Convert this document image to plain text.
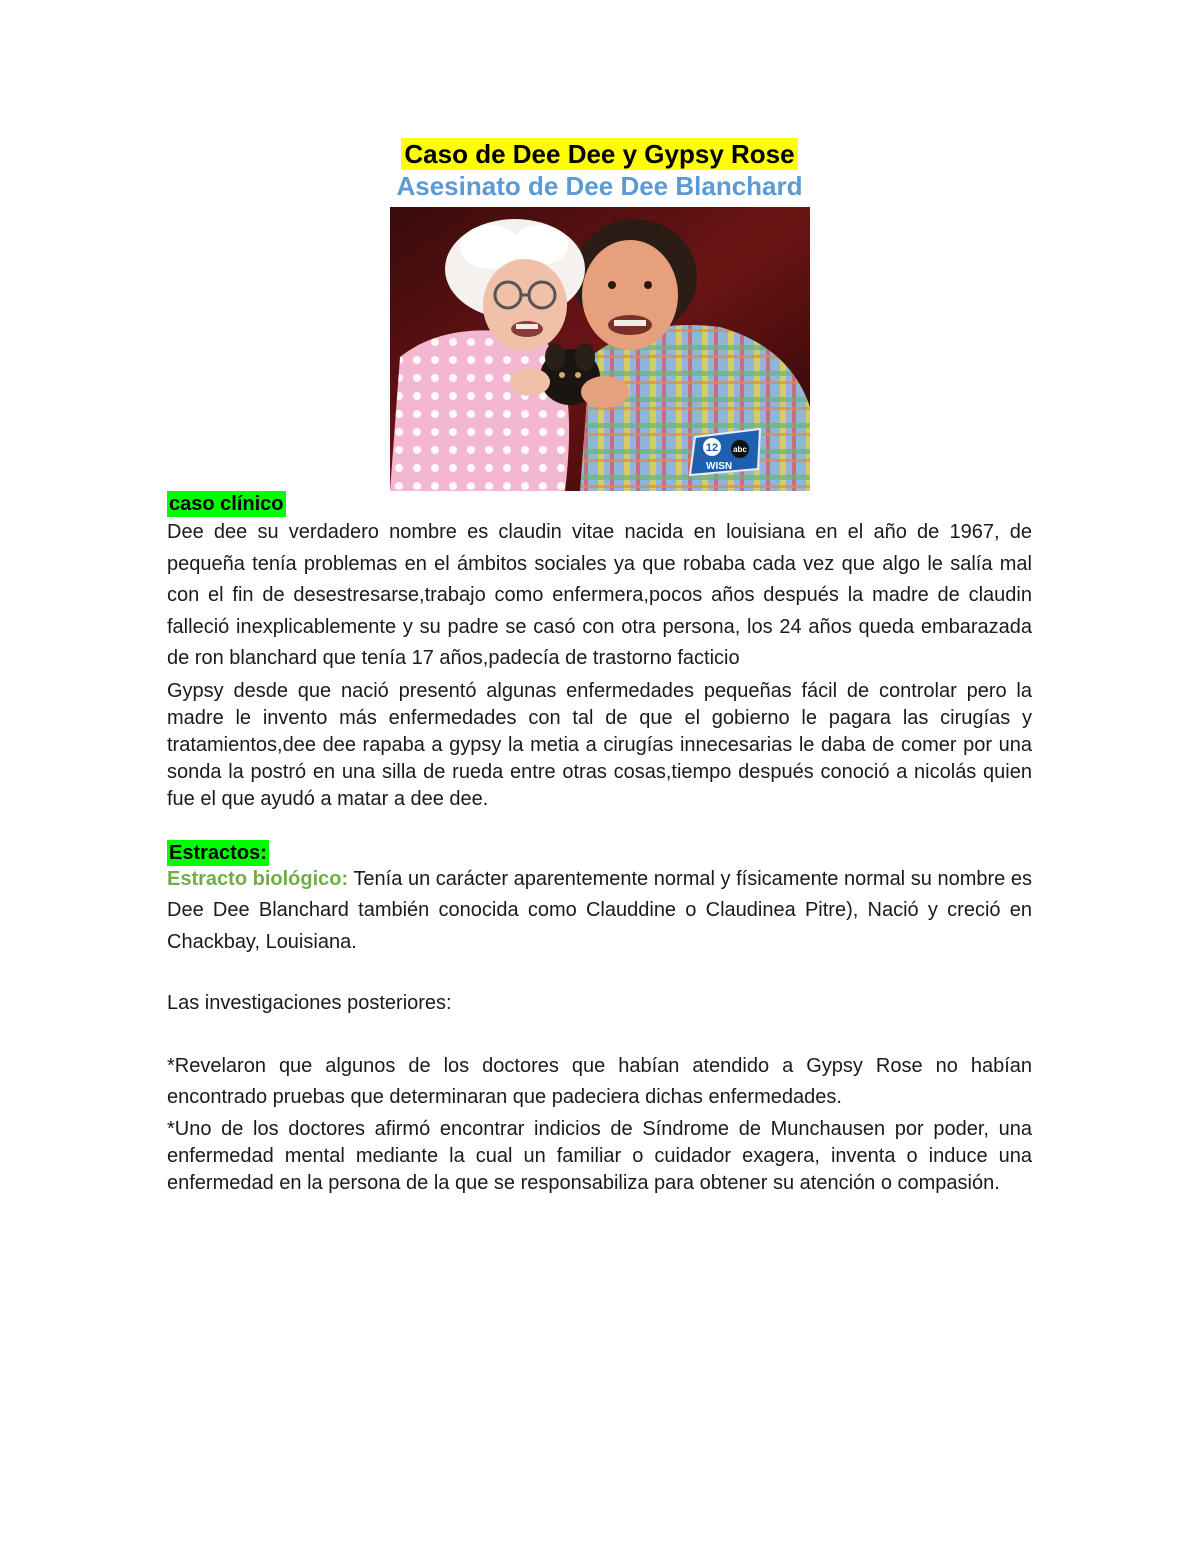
Caso de Dee Dee y Gypsy Rose
Asesinato de Dee Dee Blanchard
12 abc
WISN
caso clínico

Dee dee su verdadero nombre es claudin vitae nacida en louisiana en el año de 1967, de pequeña tenía problemas en el ámbitos sociales ya que robaba cada vez que algo le salía mal con el fin de desestresarse,trabajo como enfermera,pocos años después la madre de claudin falleció inexplicablemente y su padre se casó con otra persona, los 24 años queda embarazada de ron blanchard que tenía 17 años,padecía de trastorno facticio

Gypsy desde que nació presentó algunas enfermedades pequeñas fácil de controlar pero la madre le invento más enfermedades con tal de que el gobierno le pagara las cirugías y tratamientos,dee dee rapaba a gypsy la metia a cirugías innecesarias le daba de comer por una sonda la postró en una silla de rueda entre otras cosas,tiempo después conoció a nicolás quien fue el que ayudó a matar a dee dee.

Estractos:

Estracto biológico: Tenía un carácter aparentemente normal y físicamente normal su nombre es Dee Dee Blanchard también conocida como Clauddine o Claudinea Pitre), Nació y creció en Chackbay, Louisiana.

Las investigaciones posteriores:

*Revelaron que algunos de los doctores que habían atendido a Gypsy Rose no habían encontrado pruebas que determinaran que padeciera dichas enfermedades.

*Uno de los doctores afirmó encontrar indicios de Síndrome de Munchausen por poder, una enfermedad mental mediante la cual un familiar o cuidador exagera, inventa o induce una enfermedad en la persona de la que se responsabiliza para obtener su atención o compasión.
